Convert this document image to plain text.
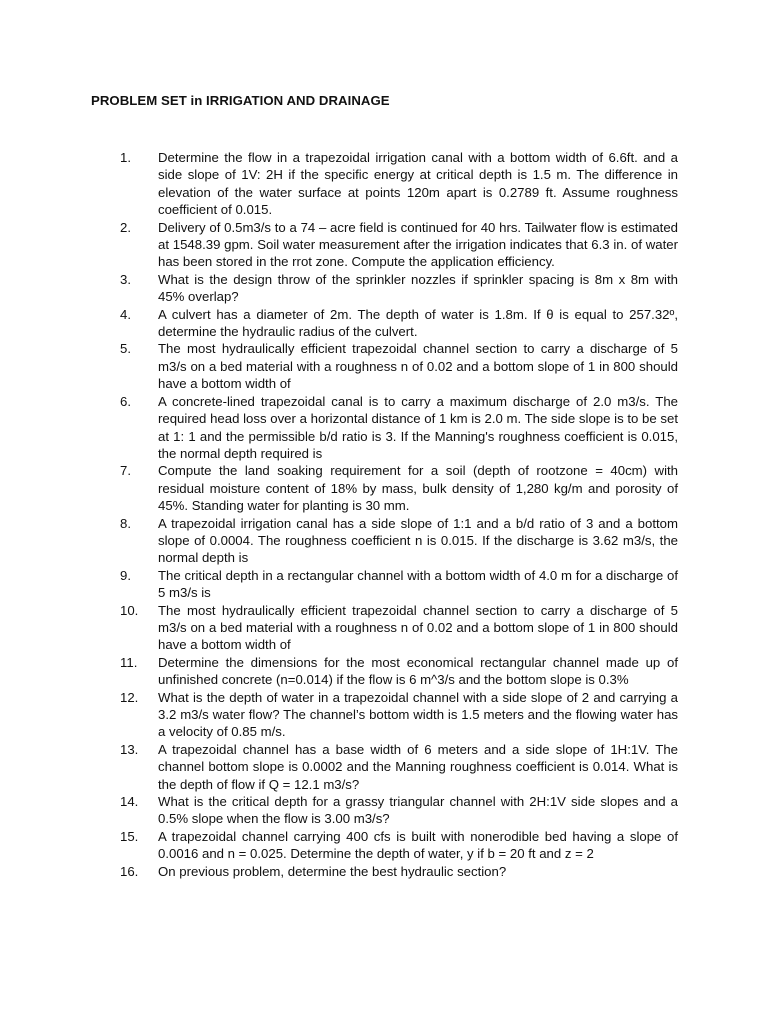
PROBLEM SET in IRRIGATION AND DRAINAGE
1.	Determine the flow in a trapezoidal irrigation canal with a bottom width of 6.6ft. and a side slope of 1V: 2H if the specific energy at critical depth is 1.5 m. The difference in elevation of the water surface at points 120m apart is 0.2789 ft. Assume roughness coefficient of 0.015.
2.	Delivery of 0.5m3/s to a 74 – acre field is continued for 40 hrs. Tailwater flow is estimated at 1548.39 gpm. Soil water measurement after the irrigation indicates that 6.3 in. of water has been stored in the rrot zone. Compute the application efficiency.
3.	What is the design throw of the sprinkler nozzles if sprinkler spacing is 8m x 8m with 45% overlap?
4.	A culvert has a diameter of 2m. The depth of water is 1.8m. If θ is equal to 257.32º, determine the hydraulic radius of the culvert.
5.	The most hydraulically efficient trapezoidal channel section to carry a discharge of 5 m3/s on a bed material with a roughness n of 0.02 and a bottom slope of 1 in 800 should have a bottom width of
6.	A concrete-lined trapezoidal canal is to carry a maximum discharge of 2.0 m3/s. The required head loss over a horizontal distance of 1 km is 2.0 m. The side slope is to be set at 1: 1 and the permissible b/d ratio is 3. If the Manning's roughness coefficient is 0.015, the normal depth required is
7.	Compute the land soaking requirement for a soil (depth of rootzone = 40cm) with residual moisture content of 18% by mass, bulk density of 1,280 kg/m and porosity of 45%. Standing water for planting is 30 mm.
8.	A trapezoidal irrigation canal has a side slope of 1:1 and a b/d ratio of 3 and a bottom slope of 0.0004. The roughness coefficient n is 0.015. If the discharge is 3.62 m3/s, the normal depth is
9.	The critical depth in a rectangular channel with a bottom width of 4.0 m for a discharge of 5 m3/s is
10.	The most hydraulically efficient trapezoidal channel section to carry a discharge of 5 m3/s on a bed material with a roughness n of 0.02 and a bottom slope of 1 in 800 should have a bottom width of
11.	Determine the dimensions for the most economical rectangular channel made up of unfinished concrete (n=0.014) if the flow is 6 m^3/s and the bottom slope is 0.3%
12.	What is the depth of water in a trapezoidal channel with a side slope of 2 and carrying a 3.2 m3/s water flow? The channel’s bottom width is 1.5 meters and the flowing water has a velocity of 0.85 m/s.
13.	A trapezoidal channel has a base width of 6 meters and a side slope of 1H:1V. The channel bottom slope is 0.0002 and the Manning roughness coefficient is 0.014. What is the depth of flow if Q = 12.1 m3/s?
14.	What is the critical depth for a grassy triangular channel with 2H:1V side slopes and a 0.5% slope when the flow is 3.00 m3/s?
15.	A trapezoidal channel carrying 400 cfs is built with nonerodible bed having a slope of 0.0016 and n = 0.025. Determine the depth of water, y if b = 20 ft and z = 2
16.	On previous problem, determine the best hydraulic section?
